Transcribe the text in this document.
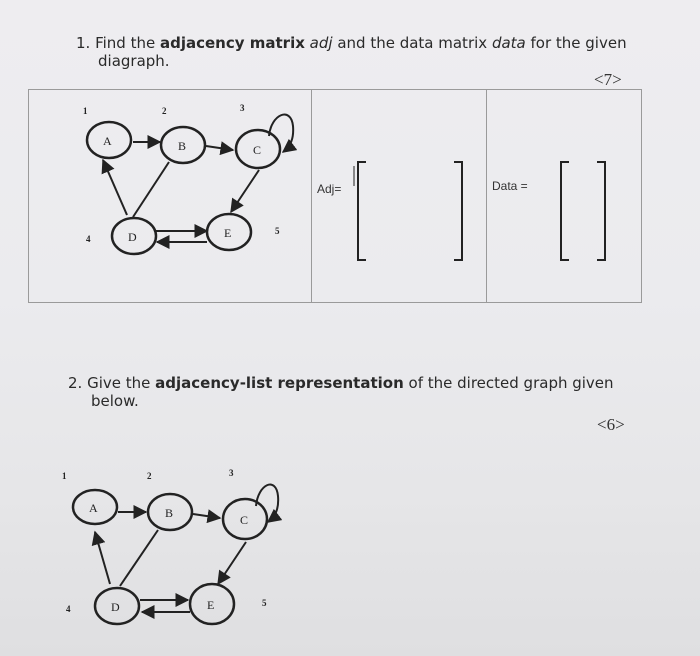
1. Find the adjacency matrix adj and the data matrix data for the given
diagraph.
<7>
A	B	C
D	E
1	2	3
4
5
Adj=	Data =
2. Give the adjacency-list representation of the directed graph given
below.
<6>
A	B	C
D	E
1	2	3
4
5
